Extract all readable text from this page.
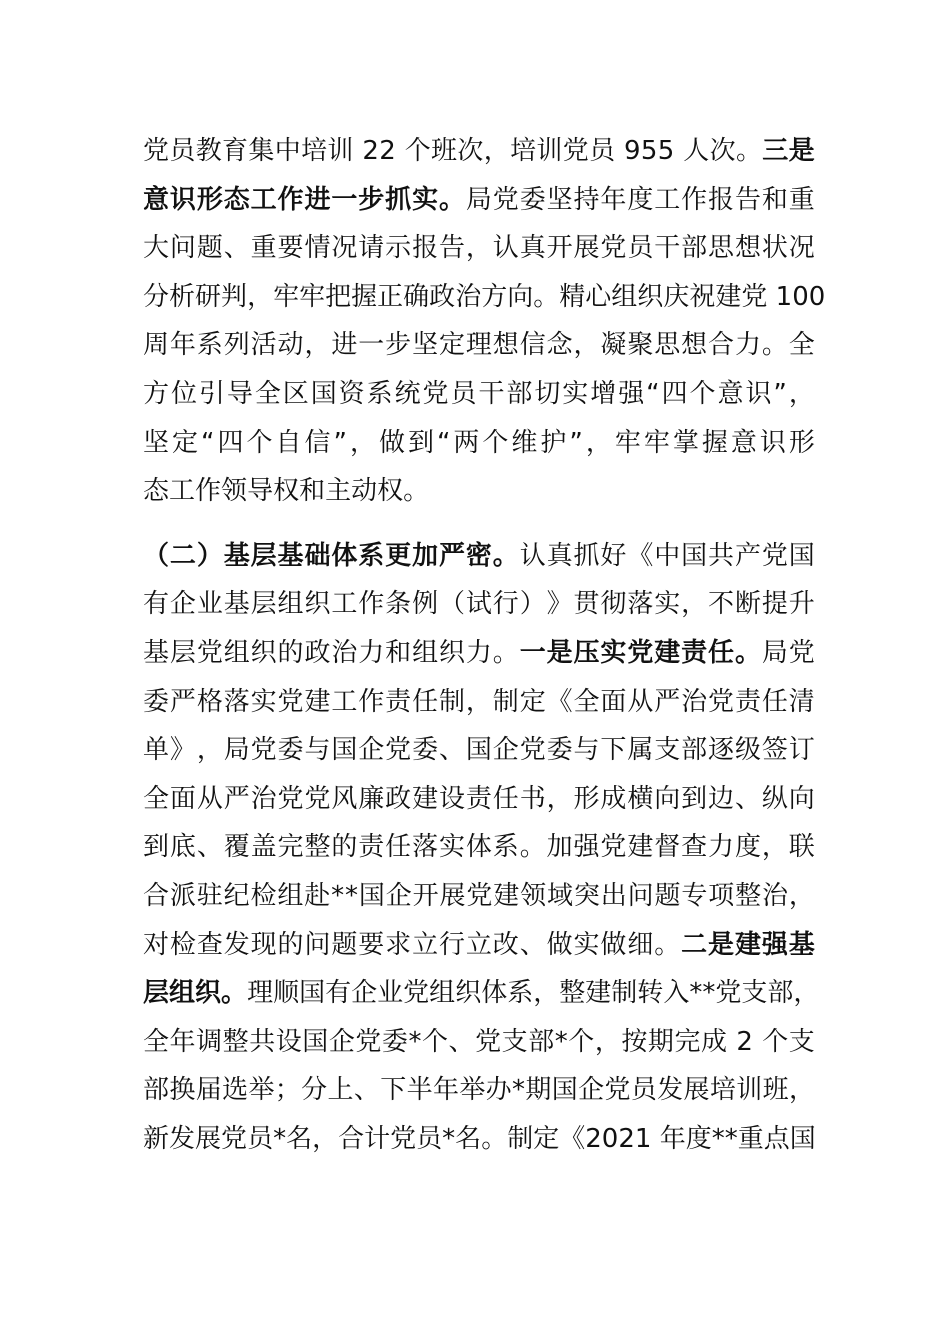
党 员 教 育 集 中 培 训
2 2
个 班 次 ， 培 训 党 员
9 5 5
人 次 。 三 是
意 识 形 态 工 作 进 一 步 抓 实 。 局 党 委 坚 持 年 度 工 作 报 告 和 重
大 问 题 、 重 要 情 况 请 示 报 告 ， 认 真 开 展 党 员 干 部 思 想 状 况
分 析 研 判 ， 牢 牢 把 握 正 确 政 治 方 向 。 精 心 组 织 庆 祝 建 党
1 0 0
周 年 系 列 活 动 ， 进 一 步 坚 定 理 想 信 念 ， 凝 聚 思 想 合 力 。 全
方 位 引 导 全 区 国 资 系 统 党 员 干 部 切 实 增 强 “ 四 个 意 识 ” ，
坚 定 “ 四 个 自 信 ” ， 做 到 “ 两 个 维 护 ” ， 牢 牢 掌 握 意 识 形
态 工 作 领 导 权 和 主 动 权 。
（ 二 ） 基 层 基 础 体 系 更 加 严 密 。 认 真 抓 好 《 中 国 共 产 党 国
有 企 业 基 层 组 织 工 作 条 例 （ 试 行 ） 》 贯 彻 落 实 ， 不 断 提 升
基 层 党 组 织 的 政 治 力 和 组 织 力 。 一 是 压 实 党 建 责 任 。 局 党
委 严 格 落 实 党 建 工 作 责 任 制 ， 制 定 《 全 面 从 严 治 党 责 任 清
单 》 ， 局 党 委 与 国 企 党 委 、 国 企 党 委 与 下 属 支 部 逐 级 签 订
全 面 从 严 治 党 党 风 廉 政 建 设 责 任 书 ， 形 成 横 向 到 边 、 纵 向
到 底 、 覆 盖 完 整 的 责 任 落 实 体 系 。 加 强 党 建 督 查 力 度 ， 联
合 派 驻 纪 检 组 赴 * * 国 企 开 展 党 建 领 域 突 出 问 题 专 项 整 治 ，
对 检 查 发 现 的 问 题 要 求 立 行 立 改 、 做 实 做 细 。 二 是 建 强 基
层 组 织 。 理 顺 国 有 企 业 党 组 织 体 系 ， 整 建 制 转 入 * * 党 支 部 ，
全 年 调 整 共 设 国 企 党 委 * 个 、 党 支 部 * 个 ， 按 期 完 成
2
个 支
部 换 届 选 举 ； 分 上 、 下 半 年 举 办 * 期 国 企 党 员 发 展 培 训 班 ，
新 发 展 党 员 * 名 ， 合 计 党 员 * 名 。 制 定 《 2 0 2 1
年 度 * * 重 点 国
